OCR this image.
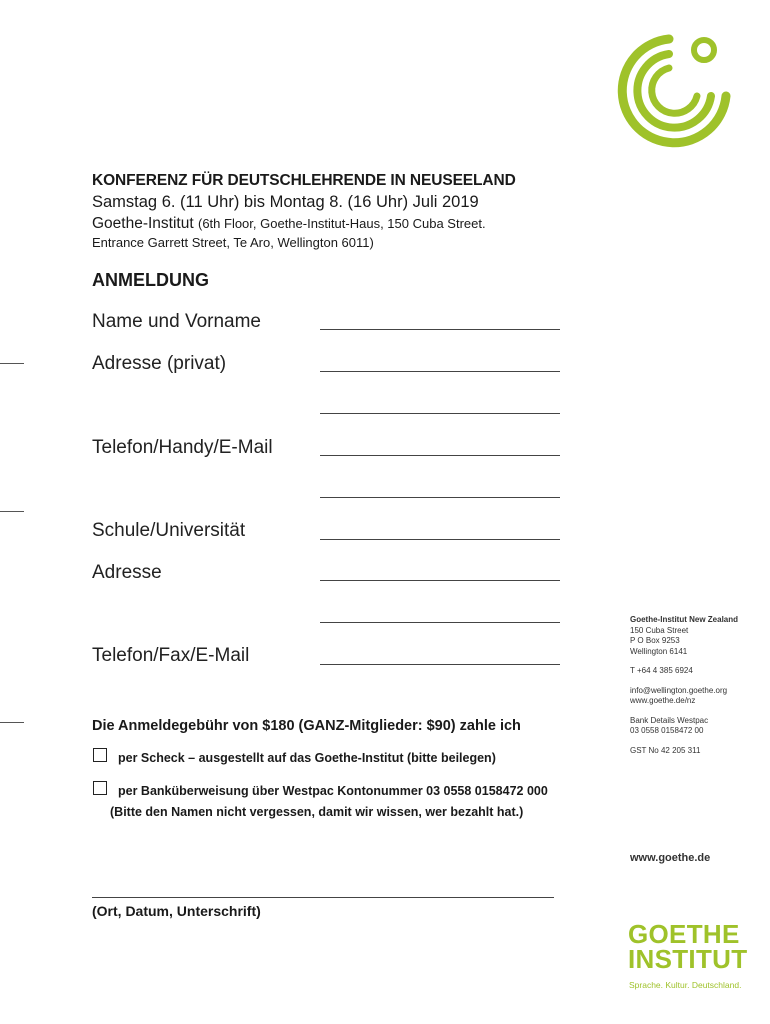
KONFERENZ FÜR DEUTSCHLEHRENDE IN NEUSEELAND
Samstag 6. (11 Uhr) bis Montag 8. (16 Uhr) Juli 2019
Goethe-Institut (6th Floor, Goethe-Institut-Haus, 150 Cuba Street.
Entrance Garrett Street, Te Aro, Wellington 6011)
ANMELDUNG
Name und Vorname
Adresse (privat)
Telefon/Handy/E-Mail
Schule/Universität
Adresse
Telefon/Fax/E-Mail
Die Anmeldegebühr von $180 (GANZ-Mitglieder: $90) zahle ich
per Scheck – ausgestellt auf das Goethe-Institut (bitte beilegen)
per Banküberweisung über Westpac Kontonummer 03 0558 0158472 000
(Bitte den Namen nicht vergessen, damit wir wissen, wer bezahlt hat.)
(Ort, Datum, Unterschrift)
Goethe-Institut New Zealand
150 Cuba Street
P O Box 9253
Wellington 6141
T +64 4 385 6924
info@wellington.goethe.org
www.goethe.de/nz
Bank Details Westpac
03 0558 0158472 00
GST No 42 205 311
www.goethe.de
GOETHE
INSTITUT
Sprache. Kultur. Deutschland.
